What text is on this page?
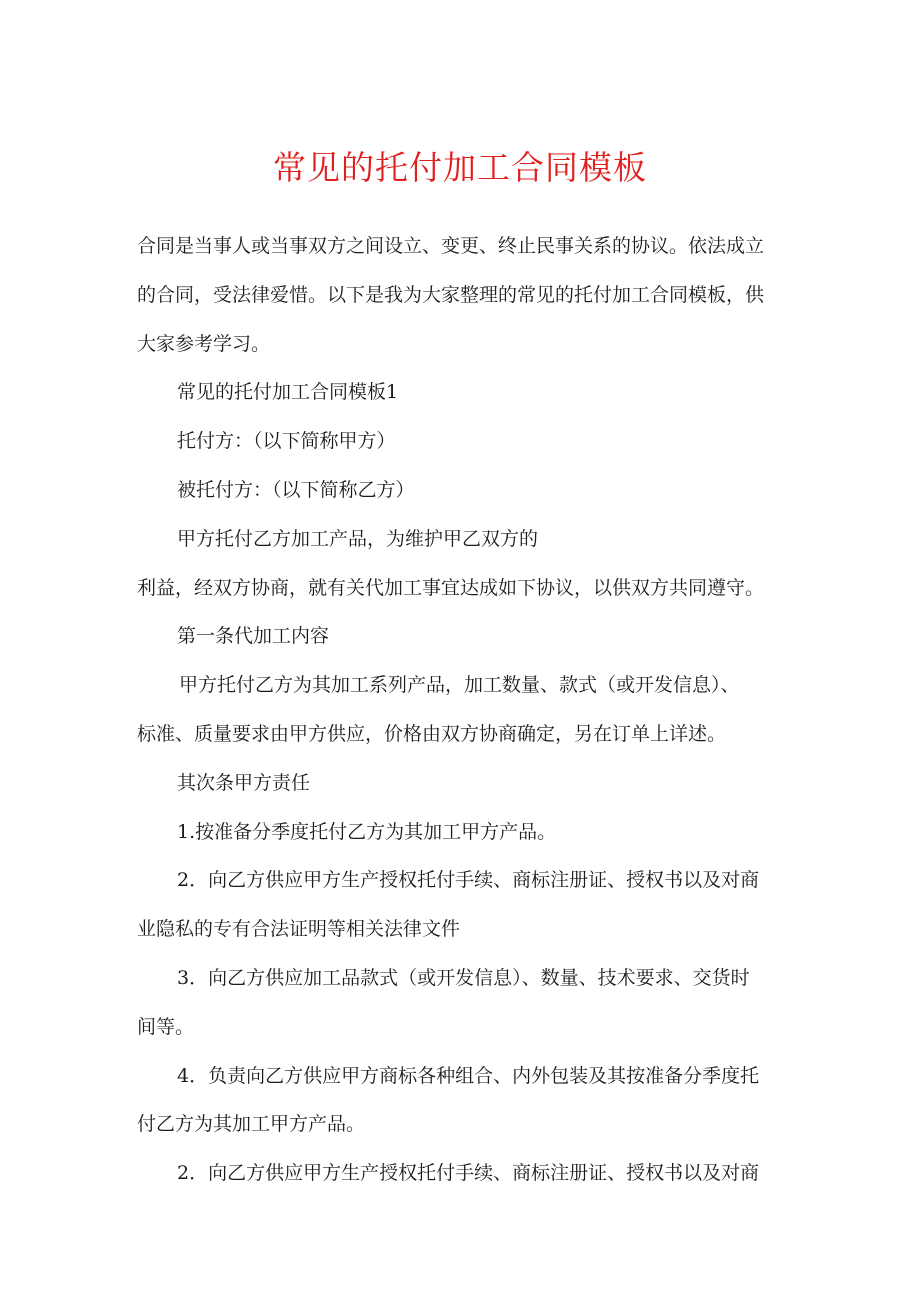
常见的托付加工合同模板
合同是当事人或当事双方之间设立、变更、终止民事关系的协议。依法成立
的合同，受法律爱惜。以下是我为大家整理的常见的托付加工合同模板，供
大家参考学习。
常见的托付加工合同模板1
托付方：（以下简称甲方）
被托付方：（以下简称乙方）
甲方托付乙方加工产品，为维护甲乙双方的
利益，经双方协商，就有关代加工事宜达成如下协议，以供双方共同遵守。
第一条代加工内容
甲方托付乙方为其加工系列产品，加工数量、款式（或开发信息）、
标准、质量要求由甲方供应，价格由双方协商确定，另在订单上详述。
其次条甲方责任
1.按准备分季度托付乙方为其加工甲方产品。
2．向乙方供应甲方生产授权托付手续、商标注册证、授权书以及对商
业隐私的专有合法证明等相关法律文件
3．向乙方供应加工品款式（或开发信息）、数量、技术要求、交货时
间等。
4．负责向乙方供应甲方商标各种组合、内外包装及其按准备分季度托
付乙方为其加工甲方产品。
2．向乙方供应甲方生产授权托付手续、商标注册证、授权书以及对商
